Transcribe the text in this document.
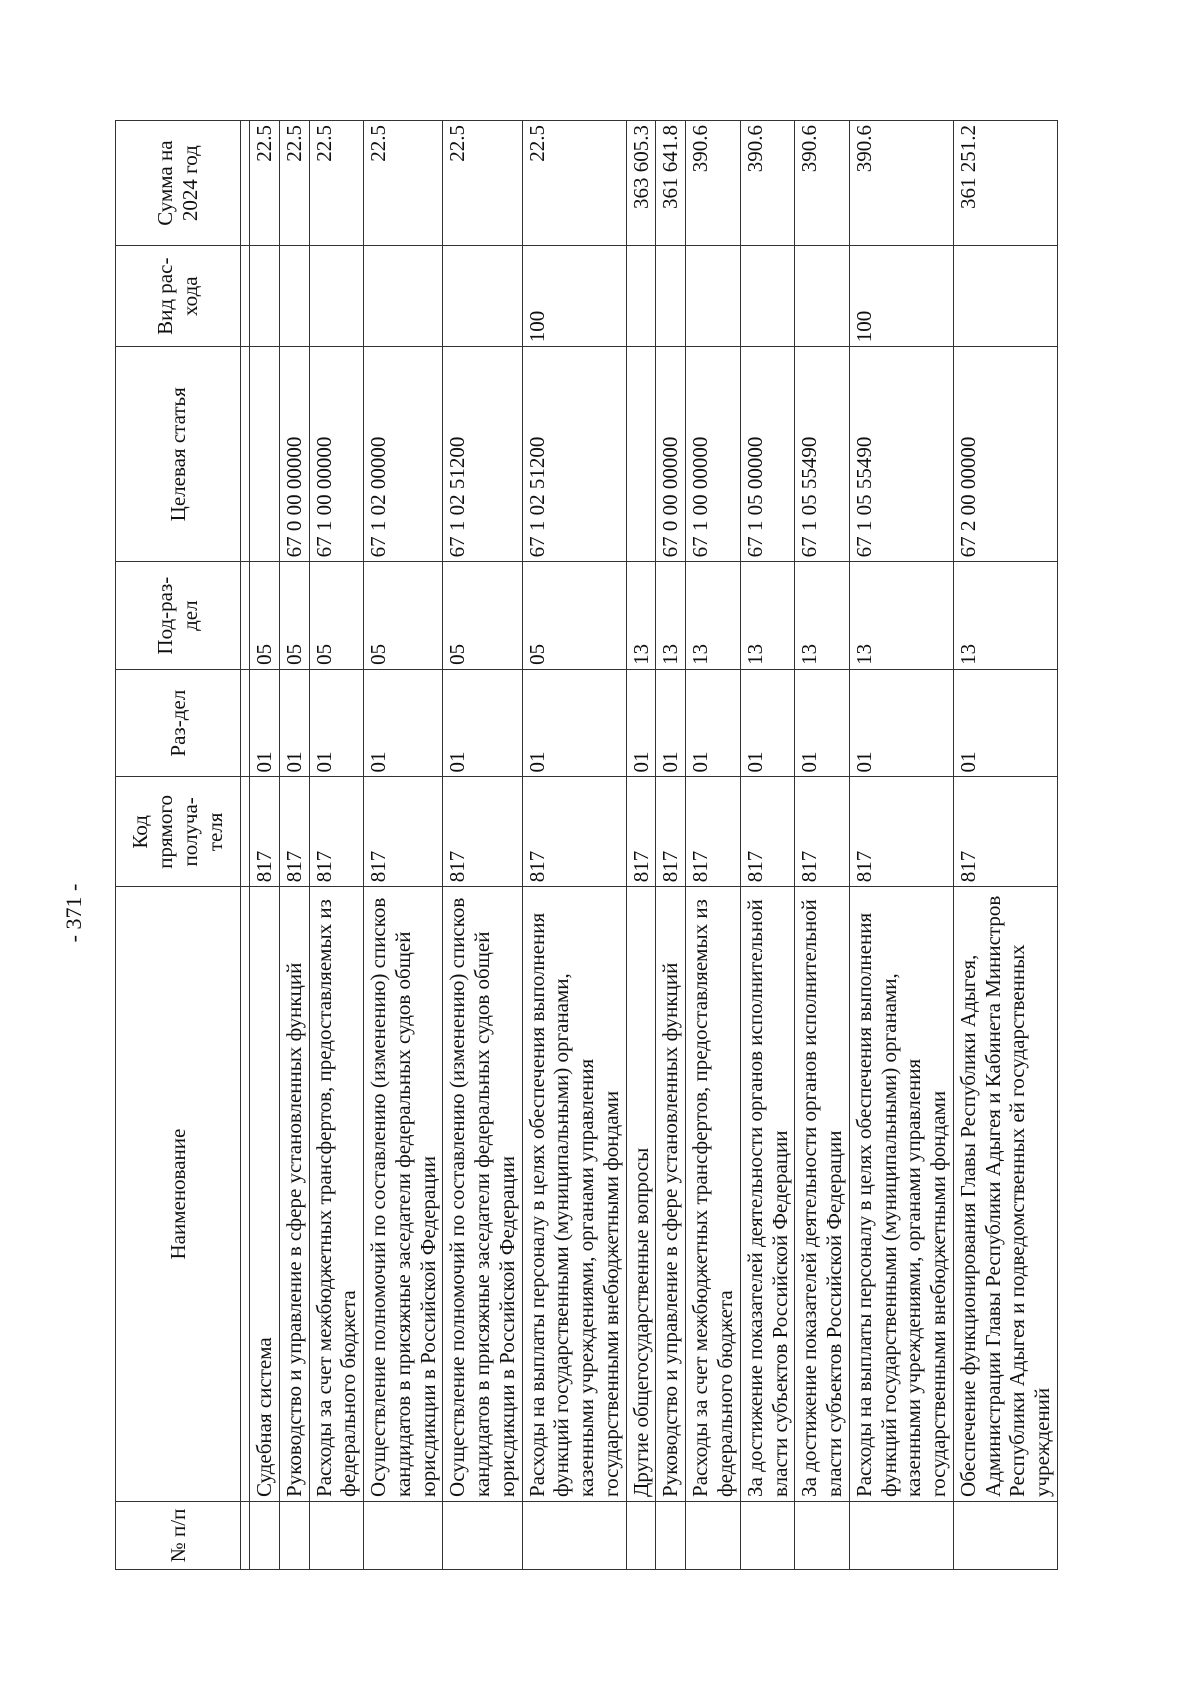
- 371 -
№ п/п	Наименование	Код прямого получа-теля	Раз-дел	Под-раз-дел	Целевая статья	Вид рас-хода	Сумма на 2024 год

	Судебная система	817	01	05			22.5
	Руководство и управление в сфере установленных функций	817	01	05	67 0 00 00000		22.5
	Расходы за счет межбюджетных трансфертов, предоставляемых из федерального бюджета	817	01	05	67 1 00 00000		22.5
	Осуществление полномочий по составлению (изменению) списков кандидатов в присяжные заседатели федеральных судов общей юрисдикции в Российской Федерации	817	01	05	67 1 02 00000		22.5
	Осуществление полномочий по составлению (изменению) списков кандидатов в присяжные заседатели федеральных судов общей юрисдикции в Российской Федерации	817	01	05	67 1 02 51200		22.5
	Расходы на выплаты персоналу в целях обеспечения выполнения функций государственными (муниципальными) органами, казенными учреждениями, органами управления государственными внебюджетными фондами	817	01	05	67 1 02 51200	100	22.5
	Другие общегосударственные вопросы	817	01	13			363 605.3
	Руководство и управление в сфере установленных функций	817	01	13	67 0 00 00000		361 641.8
	Расходы за счет межбюджетных трансфертов, предоставляемых из федерального бюджета	817	01	13	67 1 00 00000		390.6
	За достижение показателей деятельности органов исполнительной власти субъектов Российской Федерации	817	01	13	67 1 05 00000		390.6
	За достижение показателей деятельности органов исполнительной власти субъектов Российской Федерации	817	01	13	67 1 05 55490		390.6
	Расходы на выплаты персоналу в целях обеспечения выполнения функций государственными (муниципальными) органами, казенными учреждениями, органами управления государственными внебюджетными фондами	817	01	13	67 1 05 55490	100	390.6
	Обеспечение функционирования Главы Республики Адыгея, Администрации Главы Республики Адыгея и Кабинета Министров Республики Адыгея и подведомственных ей государственных учреждений	817	01	13	67 2 00 00000		361 251.2
